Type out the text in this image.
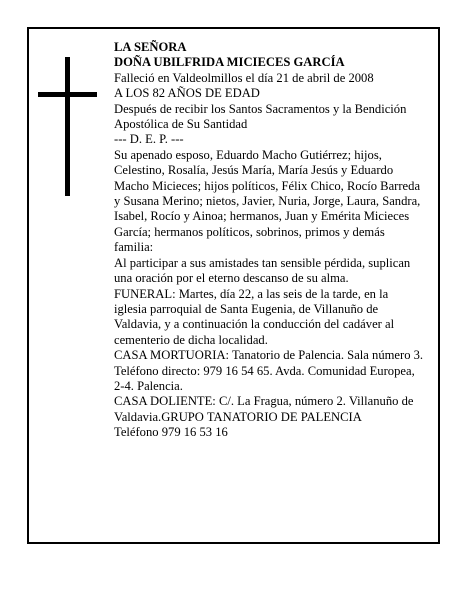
LA SEÑORA

DOÑA UBILFRIDA MICIECES GARCÍA

Falleció en Valdeolmillos el día 21 de abril de 2008

A LOS 82 AÑOS DE EDAD

Después de recibir los Santos Sacramentos y la Bendición Apostólica de Su Santidad

--- D. E. P. ---

Su apenado esposo, Eduardo Macho Gutiérrez; hijos, Celestino, Rosalía, Jesús María, María Jesús y Eduardo Macho Micieces; hijos políticos, Félix Chico, Rocío Barreda y Susana Merino; nietos, Javier, Nuria, Jorge, Laura, Sandra, Isabel, Rocío y Ainoa; hermanos, Juan y Emérita Micieces García; hermanos políticos, sobrinos, primos y demás familia:

Al participar a sus amistades tan sensible pérdida, suplican una oración por el eterno descanso de su alma.

FUNERAL: Martes, día 22, a las seis de la tarde, en la iglesia parroquial de Santa Eugenia, de Villanuño de Valdavia, y a continuación la conducción del cadáver al cementerio de dicha localidad.

CASA MORTUORIA: Tanatorio de Palencia. Sala número 3. Teléfono directo: 979 16 54 65. Avda. Comunidad Europea, 2-4. Palencia.

CASA DOLIENTE: C/. La Fragua, número 2. Villanuño de Valdavia.GRUPO TANATORIO DE PALENCIA

Teléfono 979 16 53 16
